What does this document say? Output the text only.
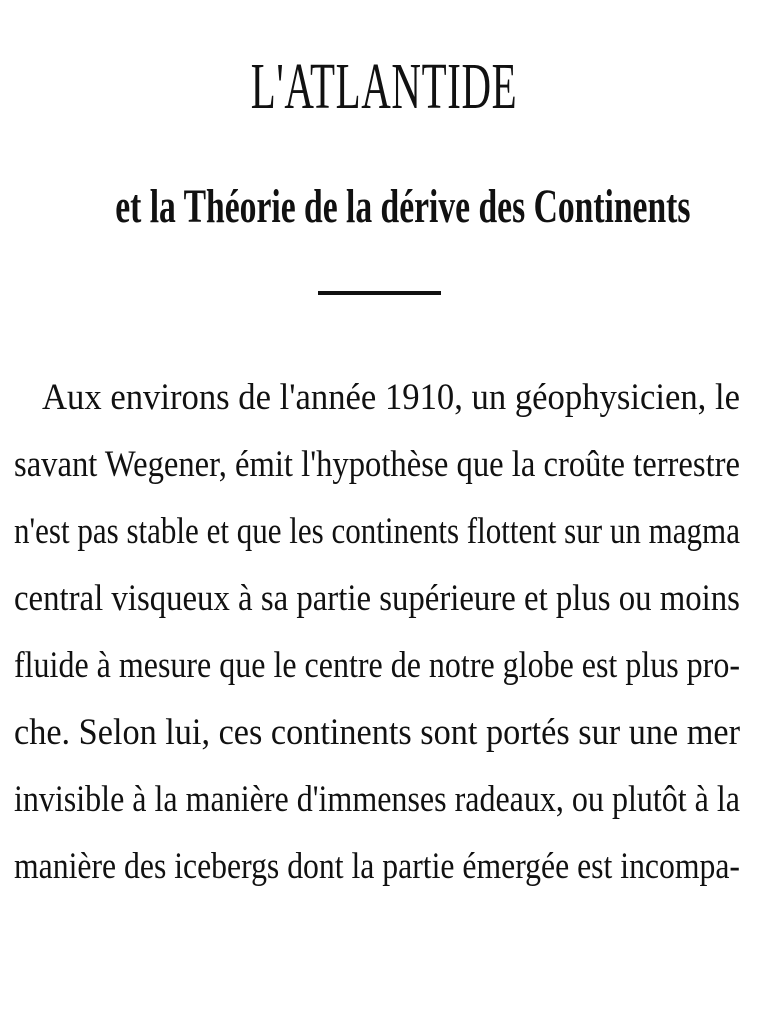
L'ATLANTIDE
et la Théorie de la dérive des Continents
Aux environs de l'année 1910, un géophysicien, le
savant Wegener, émit l'hypothèse que la croûte terrestre
n'est pas stable et que les continents flottent sur un magma
central visqueux à sa partie supérieure et plus ou moins
fluide à mesure que le centre de notre globe est plus pro-
che. Selon lui, ces continents sont portés sur une mer
invisible à la manière d'immenses radeaux, ou plutôt à la
manière des icebergs dont la partie émergée est incompa-
